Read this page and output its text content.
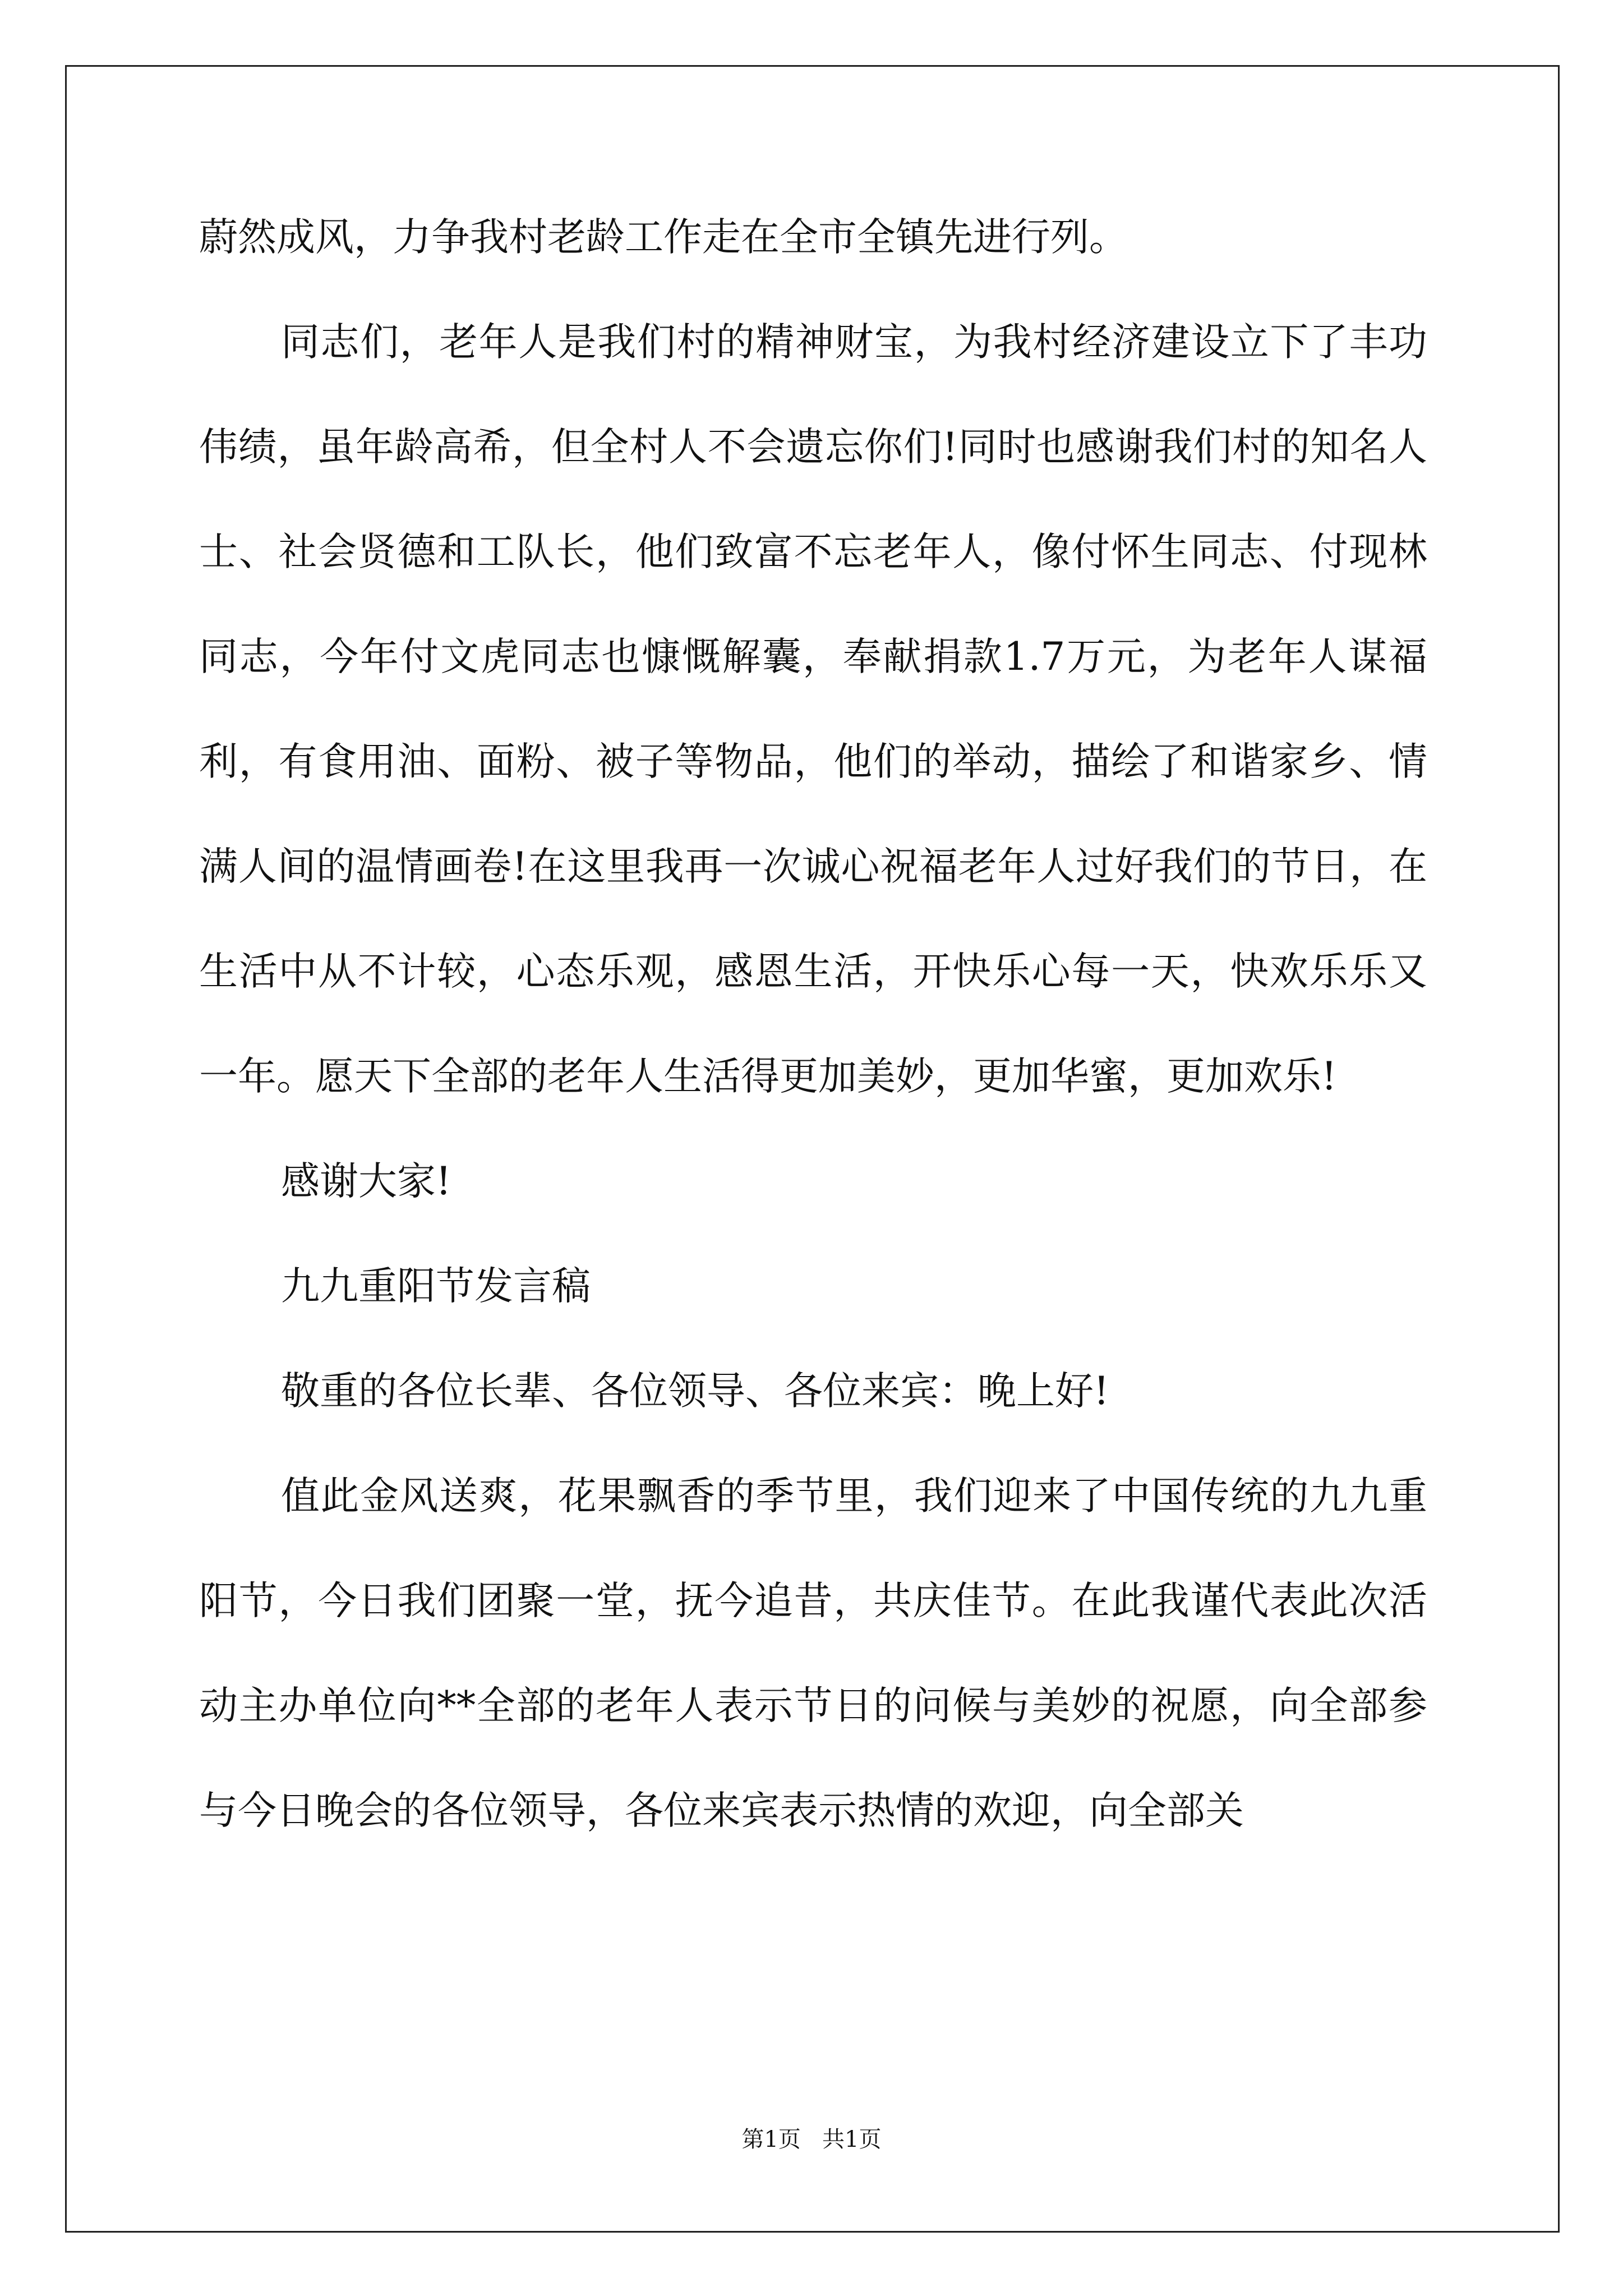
蔚然成风，力争我村老龄工作走在全市全镇先进行列。

同志们，老年人是我们村的精神财宝，为我村经济建设立下了丰功伟绩，虽年龄高希，但全村人不会遗忘你们!同时也感谢我们村的知名人士、社会贤德和工队长，他们致富不忘老年人，像付怀生同志、付现林同志，今年付文虎同志也慷慨解囊，奉献捐款1.7万元，为老年人谋福利，有食用油、面粉、被子等物品，他们的举动，描绘了和谐家乡、情满人间的温情画卷!在这里我再一次诚心祝福老年人过好我们的节日，在生活中从不计较，心态乐观，感恩生活，开快乐心每一天，快欢乐乐又一年。愿天下全部的老年人生活得更加美妙，更加华蜜，更加欢乐!

感谢大家!

九九重阳节发言稿

敬重的各位长辈、各位领导、各位来宾：晚上好!

值此金风送爽，花果飘香的季节里，我们迎来了中国传统的九九重阳节，今日我们团聚一堂，抚今追昔，共庆佳节。在此我谨代表此次活动主办单位向**全部的老年人表示节日的问候与美妙的祝愿，向全部参与今日晚会的各位领导，各位来宾表示热情的欢迎，向全部关

第1页   共1页
